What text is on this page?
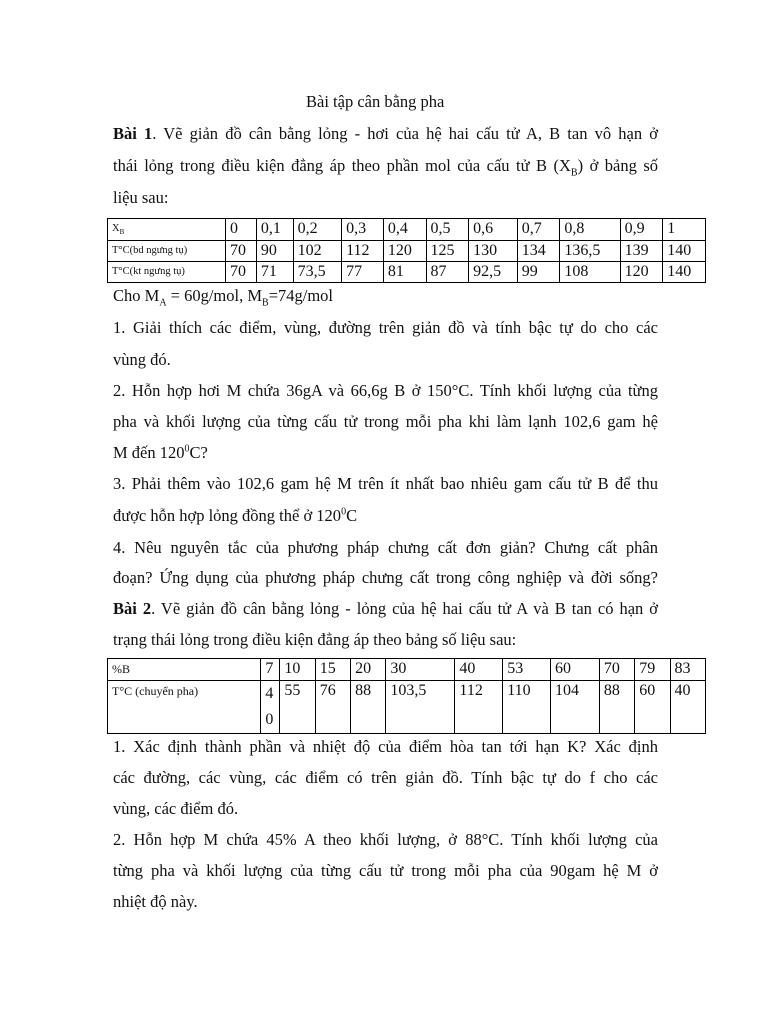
Bài tập cân bằng pha
Bài 1. Vẽ giản đồ cân bằng lỏng - hơi của hệ hai cấu tử A, B tan vô hạn ở
thái lỏng trong điều kiện đẳng áp theo phần mol của cấu tử B $(X_B)$ ở bảng số
liệu sau:
$X_B$	0	0,1	0,2	0,3	0,4	0,5	0,6	0,7	0,8	0,9	1
T°C(bd ngưng tụ)	70	90	102	112	120	125	130	134	136,5	139	140
T°C(kt ngưng tụ)	70	71	73,5	77	81	87	92,5	99	108	120	140
Cho $M_A = 60g/mol$, $M_B=74g$/mol
1. Giải thích các điểm, vùng, đường trên giản đồ và tính bậc tự do cho các
vùng đó.
2. Hỗn hợp hơi M chứa 36gA và 66,6g B ở 150°C. Tính khối lượng của từng
pha và khối lượng của từng cấu tử trong mỗi pha khi làm lạnh 102,6 gam hệ
M đến $120^0C$?
3. Phải thêm vào 102,6 gam hệ M trên ít nhất bao nhiêu gam cấu tử B để thu
được hỗn hợp lỏng đồng thể ở $120^0C$
4. Nêu nguyên tắc của phương pháp chưng cất đơn giản? Chưng cất phân
đoạn? Ứng dụng của phương pháp chưng cất trong công nghiệp và đời sống?
Bài 2. Vẽ giản đồ cân bằng lỏng - lỏng của hệ hai cấu tử A và B tan có hạn ở
trạng thái lỏng trong điều kiện đẳng áp theo bảng số liệu sau:
%B	7	10	15	20	30	40	53	60	70	79	83
T°C (chuyển pha)	40	55	76	88	103,5	112	110	104	88	60	40
1. Xác định thành phần và nhiệt độ của điểm hòa tan tới hạn K? Xác định
các đường, các vùng, các điểm có trên giản đồ. Tính bậc tự do f cho các
vùng, các điểm đó.
2. Hỗn hợp M chứa 45% A theo khối lượng, ở 88°C. Tính khối lượng của
từng pha và khối lượng của từng cấu tử trong mỗi pha của 90gam hệ M ở
nhiệt độ này.
